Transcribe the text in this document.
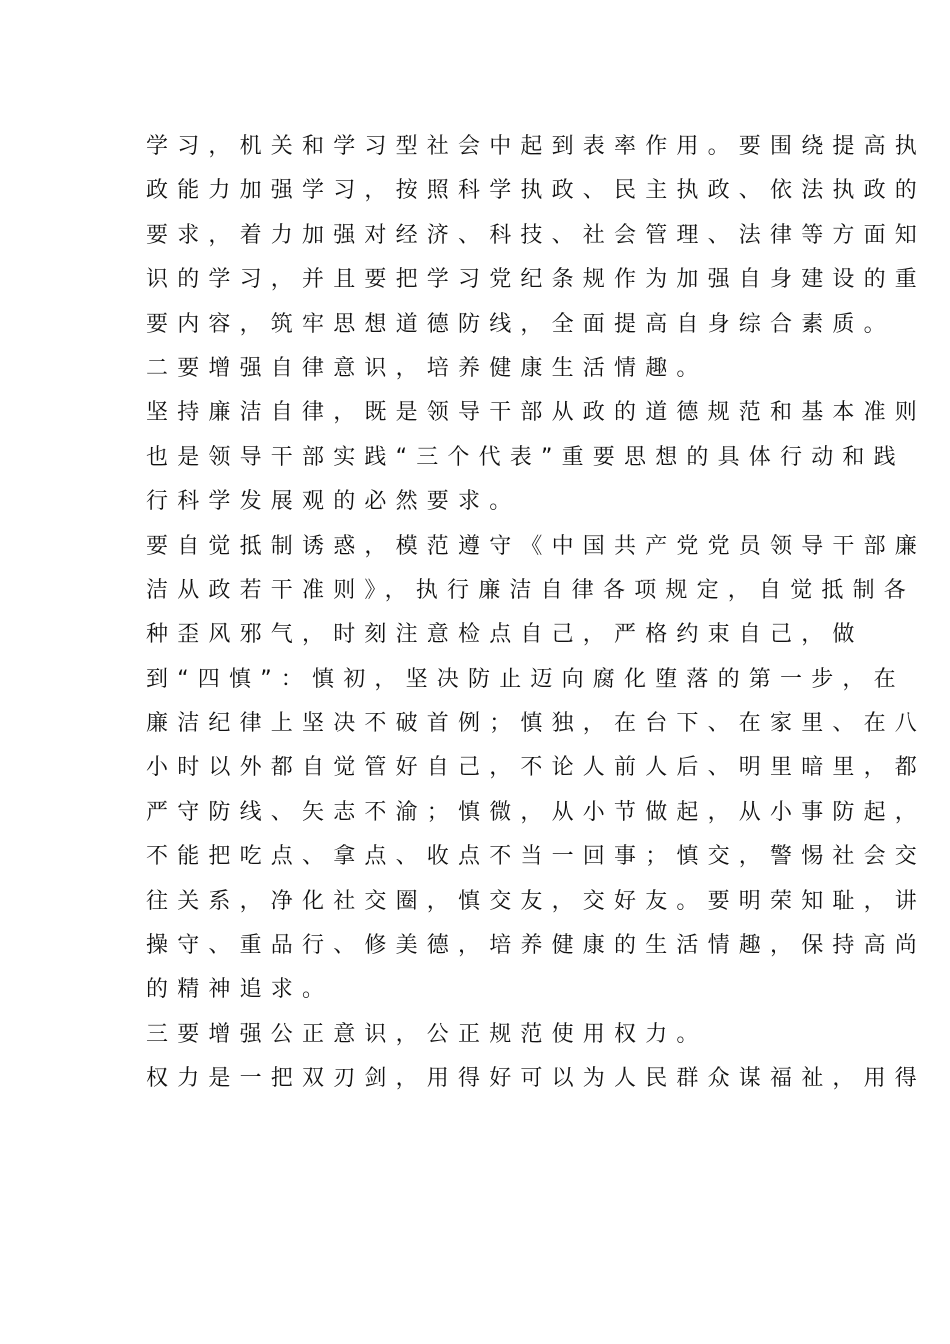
学习，机关和学习型社会中起到表率作用。要围绕提高执
政能力加强学习，按照科学执政、民主执政、依法执政的
要求，着力加强对经济、科技、社会管理、法律等方面知
识的学习，并且要把学习党纪条规作为加强自身建设的重
要内容，筑牢思想道德防线，全面提高自身综合素质。
二要增强自律意识，培养健康生活情趣。
坚持廉洁自律，既是领导干部从政的道德规范和基本准则
也是领导干部实践“三个代表”重要思想的具体行动和践
行科学发展观的必然要求。
要自觉抵制诱惑，模范遵守《中国共产党党员领导干部廉
洁从政若干准则》，执行廉洁自律各项规定，自觉抵制各
种歪风邪气，时刻注意检点自己，严格约束自己，做
到“四慎”：慎初，坚决防止迈向腐化堕落的第一步，在
廉洁纪律上坚决不破首例；慎独，在台下、在家里、在八
小时以外都自觉管好自己，不论人前人后、明里暗里，都
严守防线、矢志不渝；慎微，从小节做起，从小事防起，
不能把吃点、拿点、收点不当一回事；慎交，警惕社会交
往关系，净化社交圈，慎交友，交好友。要明荣知耻，讲
操守、重品行、修美德，培养健康的生活情趣，保持高尚
的精神追求。
三要增强公正意识，公正规范使用权力。
权力是一把双刃剑，用得好可以为人民群众谋福祉，用得
